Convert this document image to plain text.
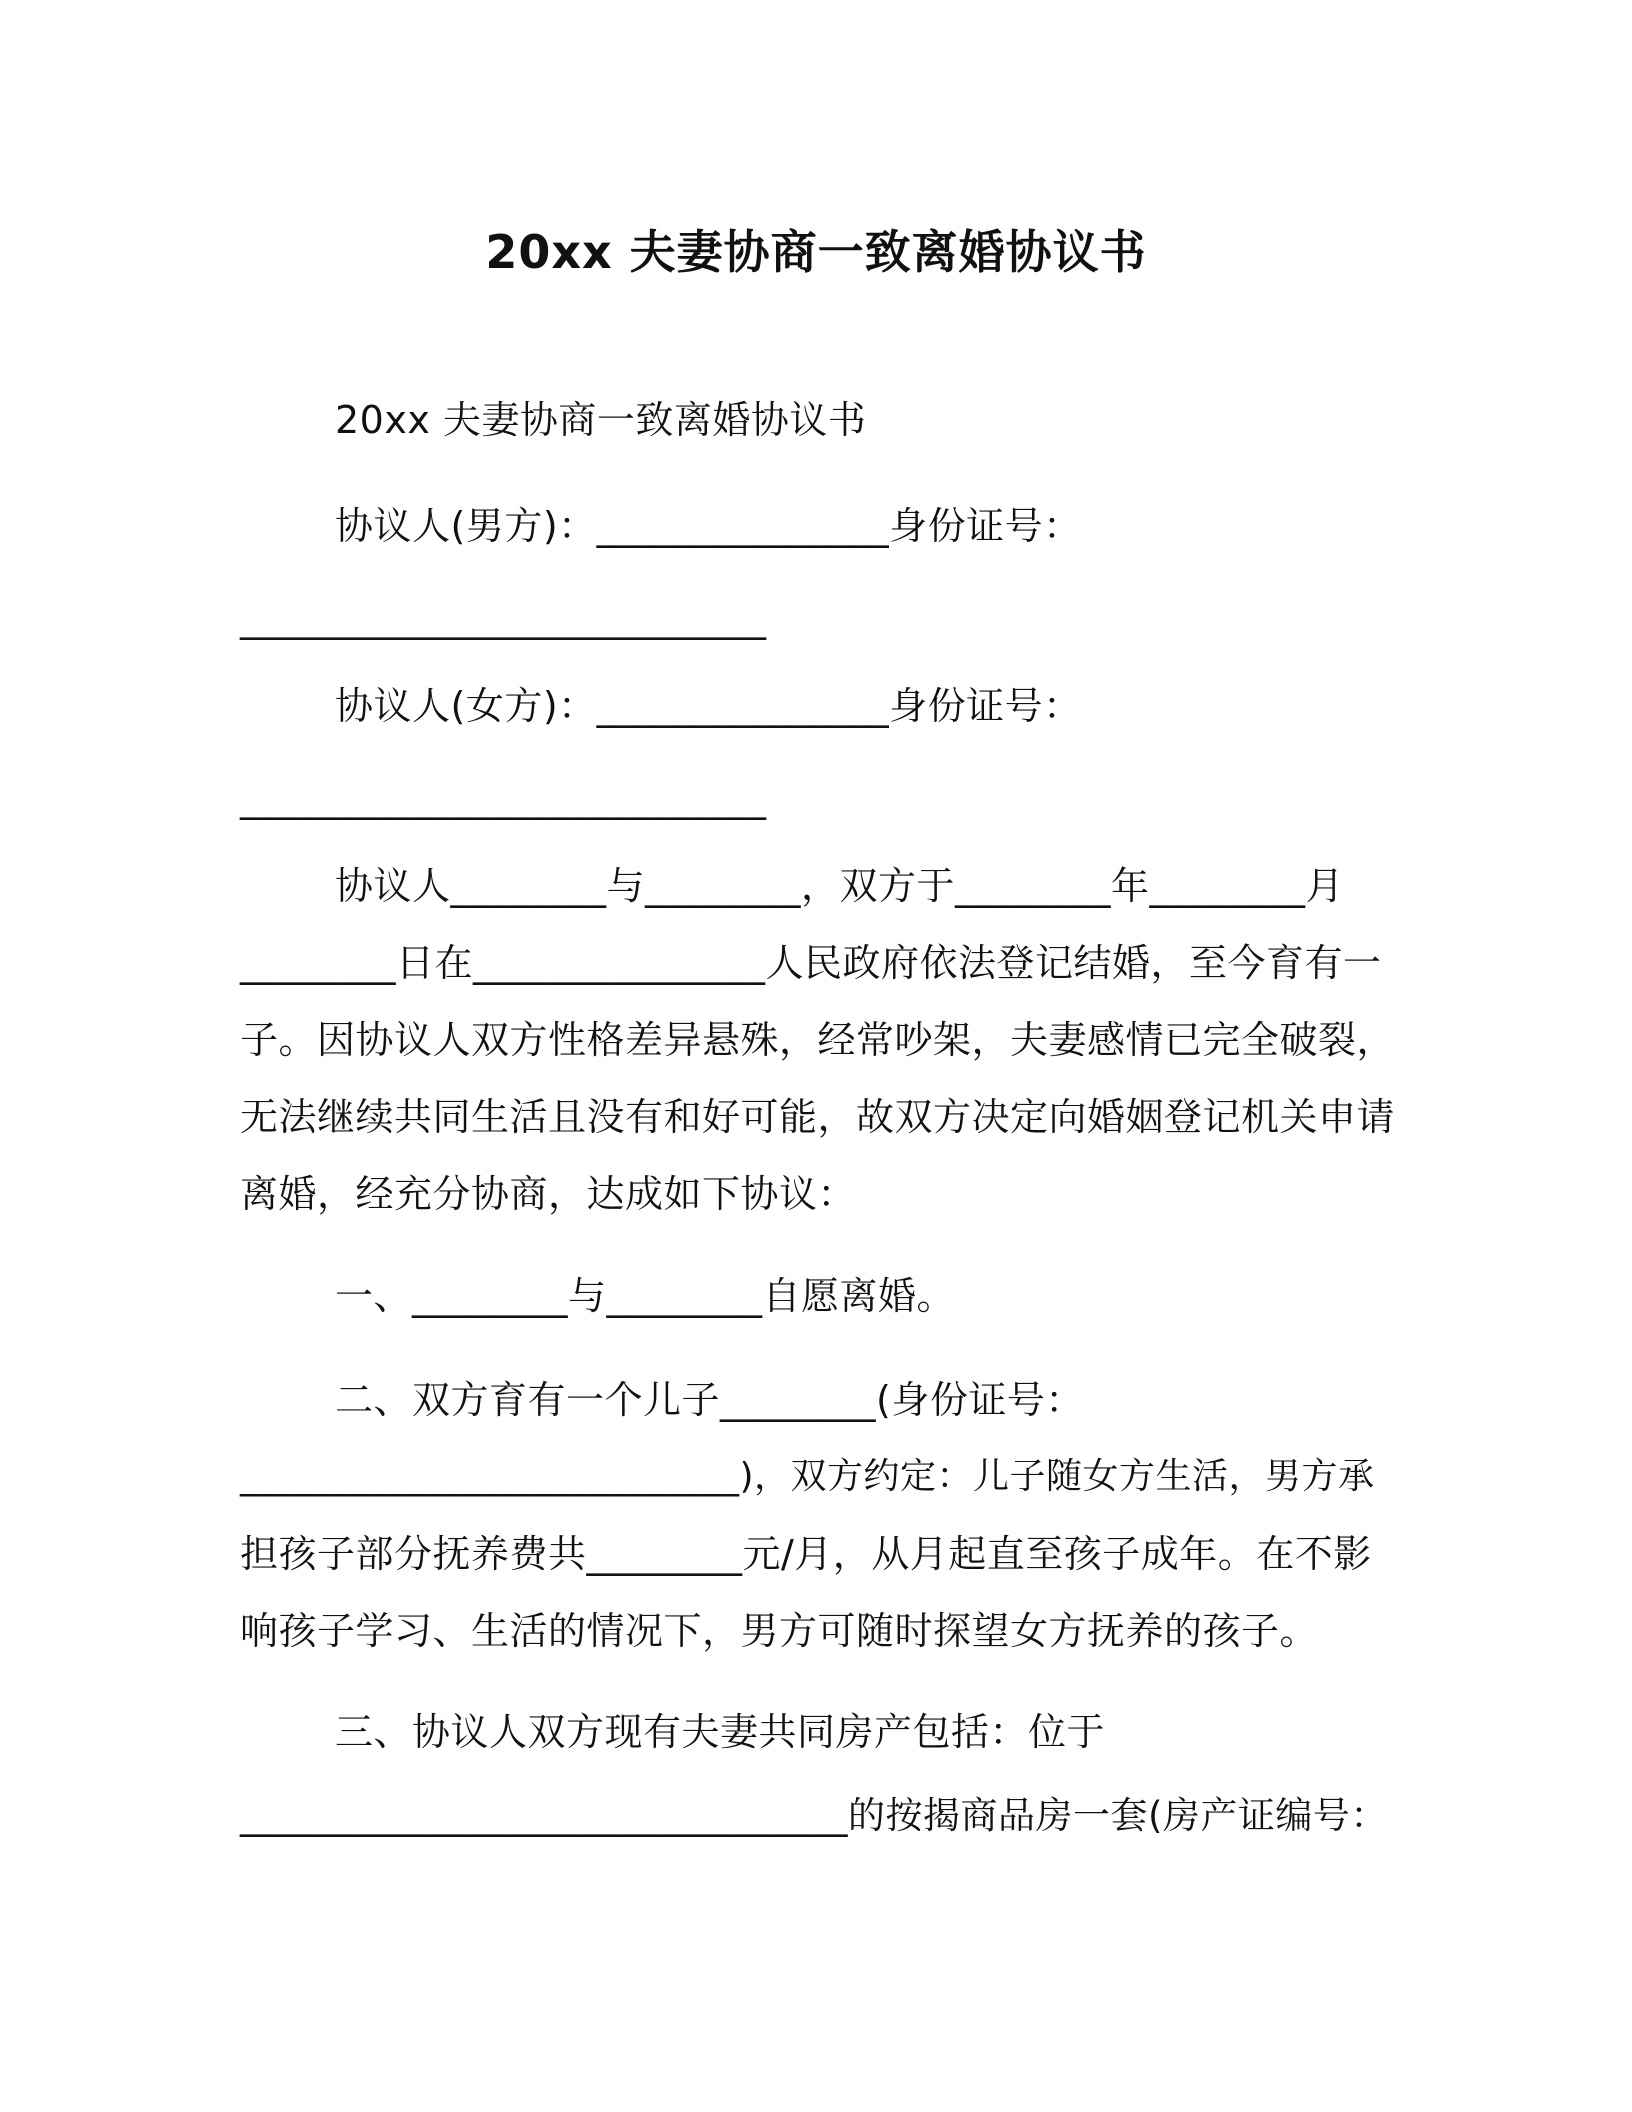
20xx 夫妻协商一致离婚协议书
20xx 夫妻协商一致离婚协议书
协议人(男方)：_______________身份证号：
___________________________
协议人(女方)：_______________身份证号：
___________________________
协议人________与________，双方于________年________月
________日在_______________人民政府依法登记结婚，至今育有一
子。因协议人双方性格差异悬殊，经常吵架，夫妻感情已完全破裂，
无法继续共同生活且没有和好可能，故双方决定向婚姻登记机关申请
离婚，经充分协商，达成如下协议：
一、________与________自愿离婚。
二、双方育有一个儿子________(身份证号：
___________________________)，双方约定：儿子随女方生活，男方承
担孩子部分抚养费共________元/月，从月起直至孩子成年。在不影
响孩子学习、生活的情况下，男方可随时探望女方抚养的孩子。
三、协议人双方现有夫妻共同房产包括：位于
________________________________的按揭商品房一套(房产证编号：
